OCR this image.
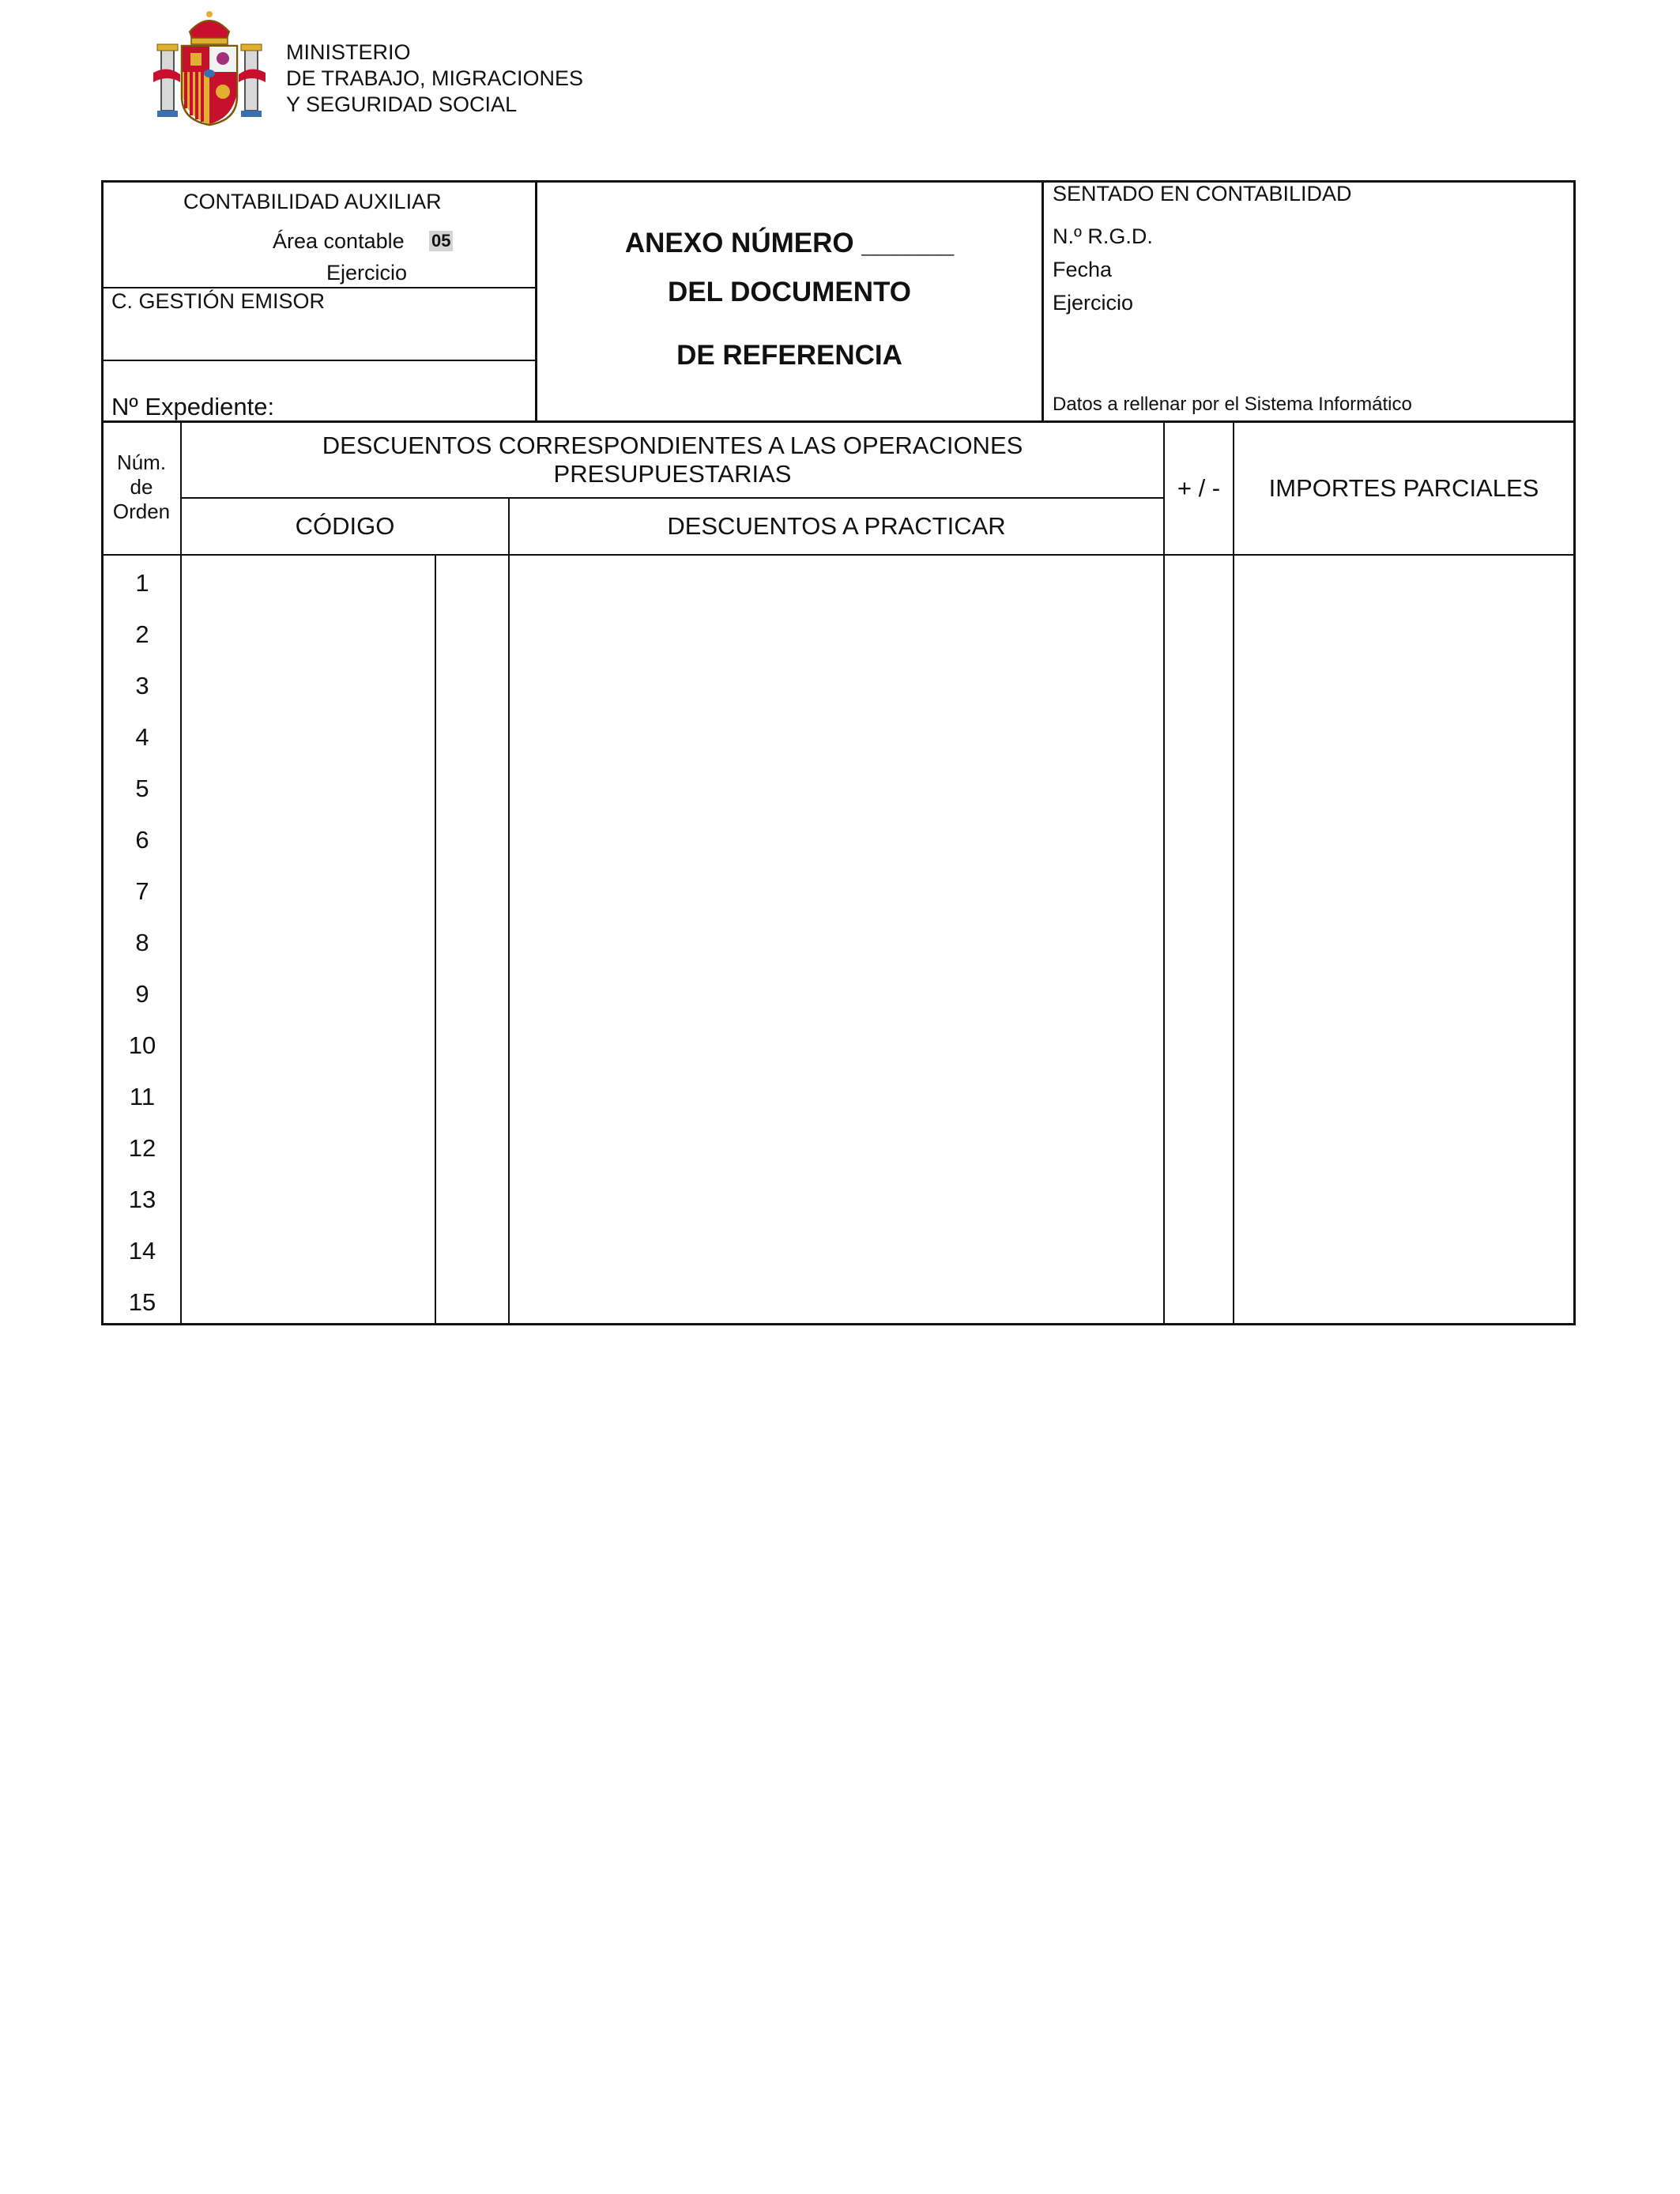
MINISTERIO
DE TRABAJO, MIGRACIONES
Y SEGURIDAD SOCIAL
CONTABILIDAD AUXILIAR
Área contable 05
Ejercicio
C. GESTIÓN EMISOR
Nº Expediente:
ANEXO NÚMERO ______
DEL DOCUMENTO
DE REFERENCIA
SENTADO EN CONTABILIDAD
N.º R.G.D.
Fecha
Ejercicio
Datos a rellenar por el Sistema Informático
Núm.
de
Orden
DESCUENTOS CORRESPONDIENTES A LAS OPERACIONES
PRESUPUESTARIAS
CÓDIGO	DESCUENTOS A PRACTICAR
+ / -	IMPORTES PARCIALES
1
2
3
4
5
6
7
8
9
10
11
12
13
14
15
